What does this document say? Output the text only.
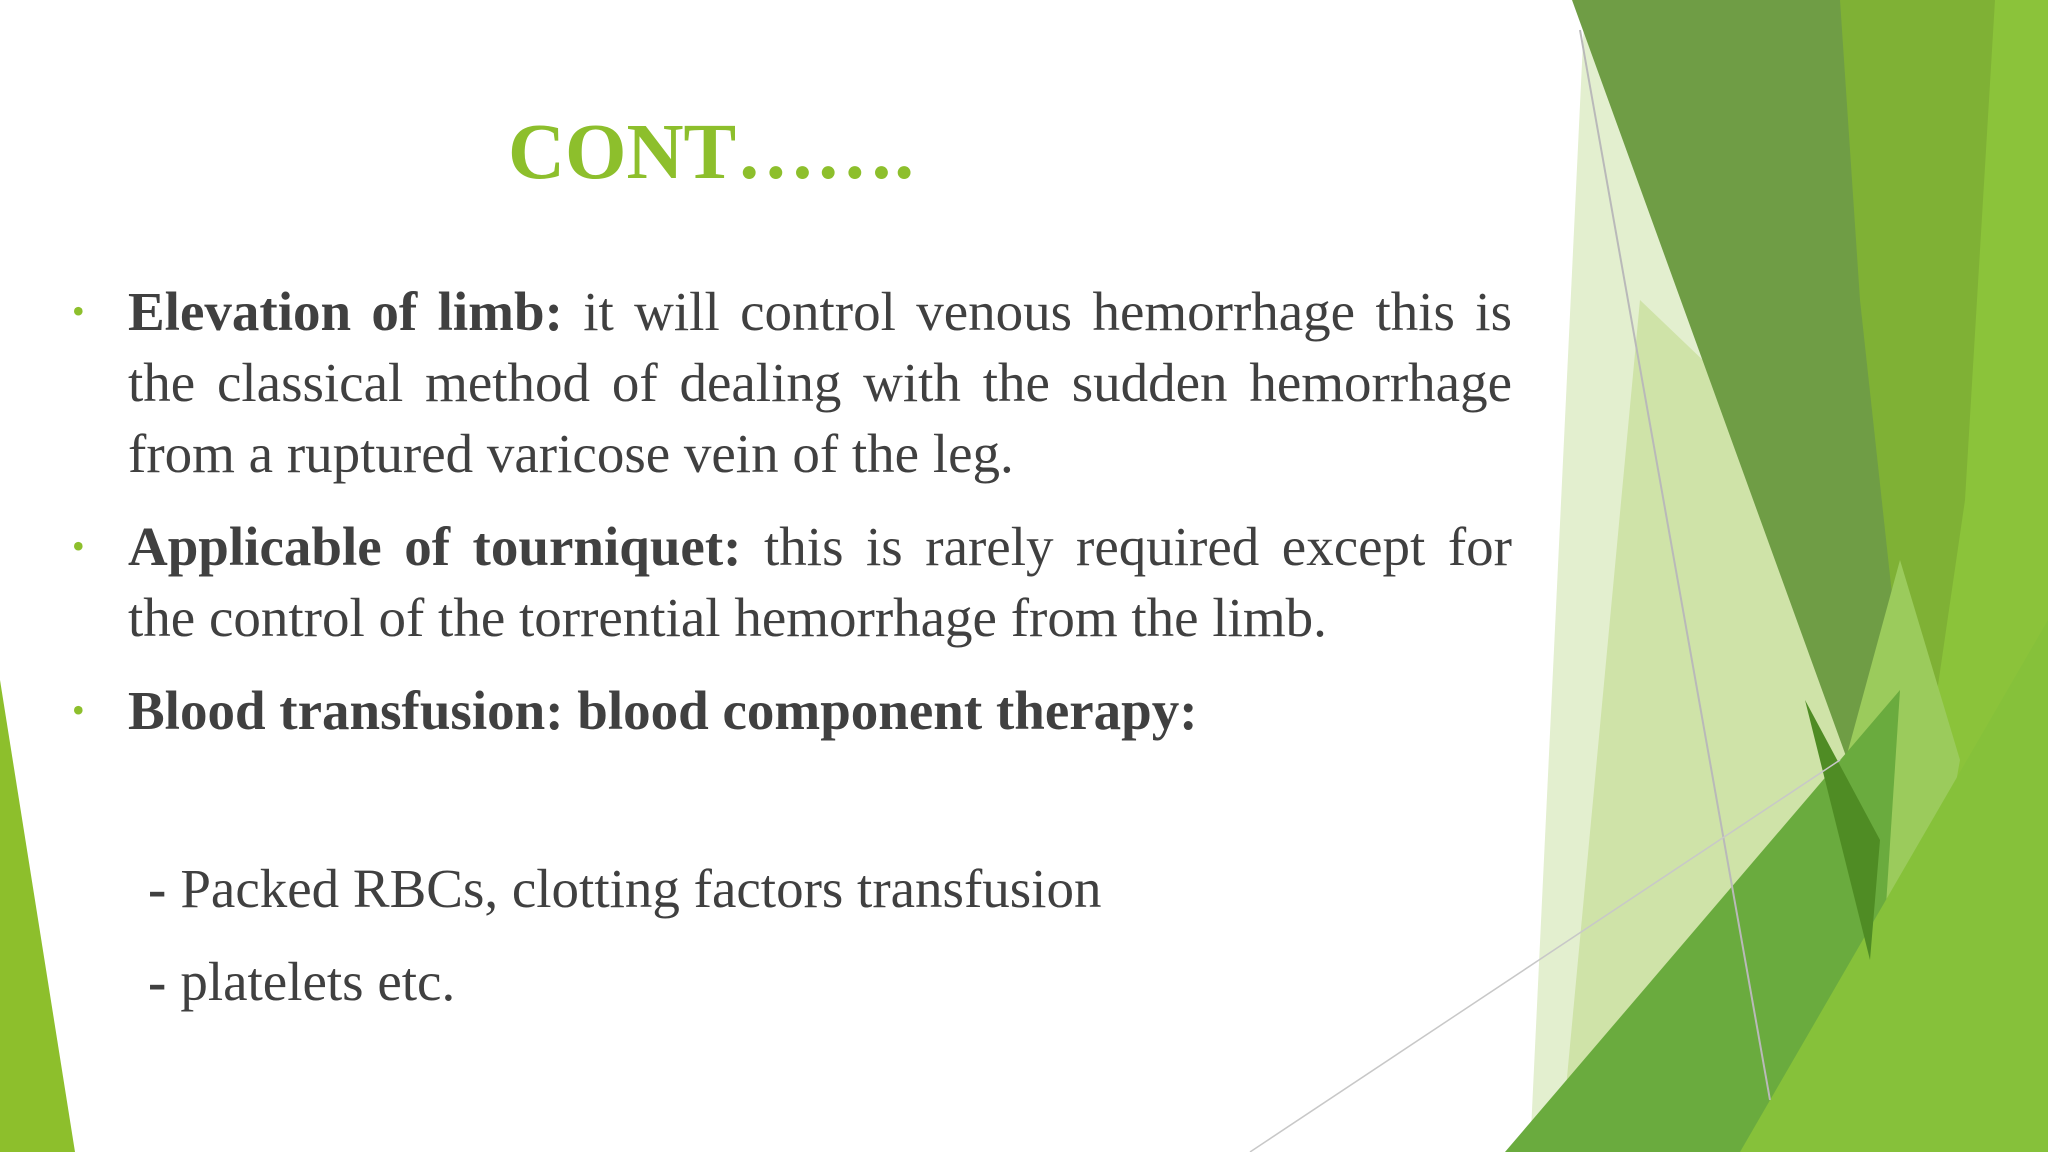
CONT…….
• Elevation of limb: it will control venous hemorrhage this is the classical method of dealing with the sudden hemorrhage from a ruptured varicose vein of the leg.
• Applicable of tourniquet: this is rarely required except for the control of the torrential hemorrhage from the limb.
• Blood transfusion: blood component therapy:
- Packed RBCs, clotting factors transfusion
- platelets etc.
